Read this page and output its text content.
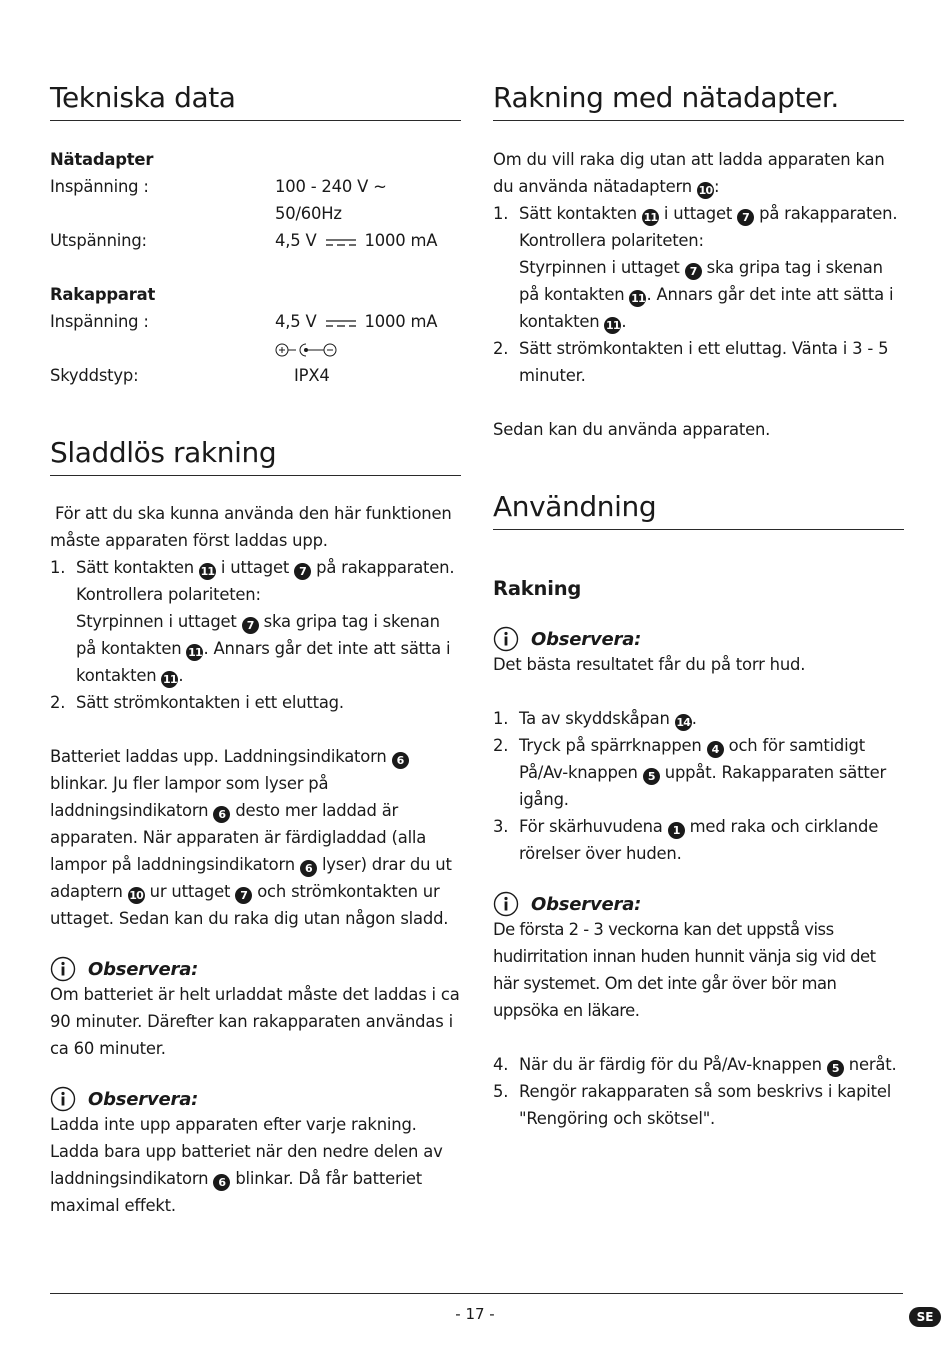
Tekniska data
Nätadapter
Inspänning :	100 - 240 V ~
50/60Hz
Utspänning:	4,5 V	1000 mA
Rakapparat
Inspänning :	4,5 V	1000 mA

Skyddstyp:	IPX4
Sladdlös rakning
För att du ska kunna använda den här funktionen måste apparaten först laddas upp.
1. Sätt kontakten 11 i uttaget 7 på rakapparaten.
Kontrollera polariteten:
Styrpinnen i uttaget 7 ska gripa tag i skenan på kontakten 11 . Annars går det inte att sätta i kontakten 11 .
2. Sätt strömkontakten i ett eluttag.
Batteriet laddas upp. Laddningsindikatorn 6 blinkar. Ju fler lampor som lyser på laddningsindikatorn 6 desto mer laddad är apparaten. När apparaten är färdigladdad (alla lampor på laddningsindikatorn 6 lyser) drar du ut adaptern 10 ur uttaget 7 och strömkontakten ur uttaget. Sedan kan du raka dig utan någon sladd.
Observera:
Om batteriet är helt urladdat måste det laddas i ca 90 minuter. Därefter kan rakapparaten användas i ca 60 minuter.
Observera:
Ladda inte upp apparaten efter varje rakning. Ladda bara upp batteriet när den nedre delen av laddningsindikatorn 6 blinkar. Då får batteriet maximal effekt.
Rakning med nätadapter.
Om du vill raka dig utan att ladda apparaten kan du använda nätadaptern 10 :
1. Sätt kontakten 11 i uttaget 7 på rakapparaten.
Kontrollera polariteten:
Styrpinnen i uttaget 7 ska gripa tag i skenan på kontakten 11 . Annars går det inte att sätta i kontakten 11 .
2. Sätt strömkontakten i ett eluttag. Vänta i 3 - 5 minuter.
Sedan kan du använda apparaten.
Användning
Rakning
Observera:
Det bästa resultatet får du på torr hud.
1. Ta av skyddskåpan 14 .
2. Tryck på spärrknappen 4 och för samtidigt På/Av-knappen 5 uppåt. Rakapparaten sätter igång.
3. För skärhuvudena 1 med raka och cirklande rörelser över huden.
Observera:
De första 2 - 3 veckorna kan det uppstå viss hudirritation innan huden hunnit vänja sig vid det här systemet. Om det inte går över bör man uppsöka en läkare.
4. När du är färdig för du På/Av-knappen 5 neråt.
5. Rengör rakapparaten så som beskrivs i kapitel "Rengöring och skötsel".
- 17 -	SE
